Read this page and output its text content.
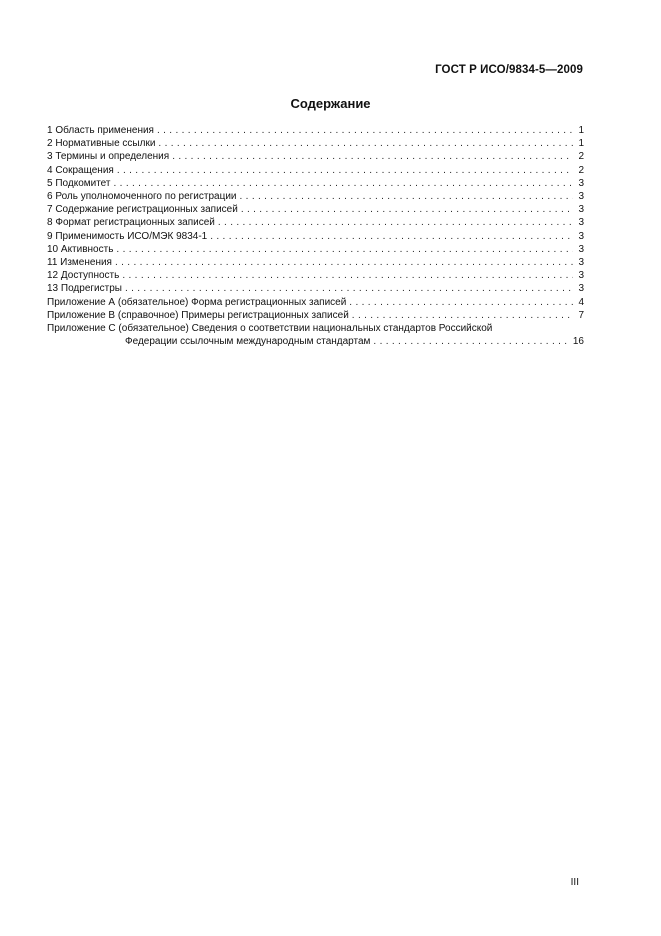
ГОСТ Р ИСО/9834-5—2009
Содержание
1 Область применения . . .	1
2 Нормативные ссылки . . .	1
3 Термины и определения . . .	2
4 Сокращения . . .	2
5 Подкомитет . . .	3
6 Роль уполномоченного по регистрации . . .	3
7 Содержание регистрационных записей . . .	3
8 Формат регистрационных записей . . .	3
9 Применимость ИСО/МЭК 9834-1 . . .	3
10 Активность . . .	3
11 Изменения . . .	3
12 Доступность . . .	3
13 Подрегистры . . .	3
Приложение А (обязательное) Форма регистрационных записей . . .	4
Приложение В (справочное) Примеры регистрационных записей . . .	7
Приложение С (обязательное) Сведения о соответствии национальных стандартов Российской
Федерации ссылочным международным стандартам . . .	16
III
